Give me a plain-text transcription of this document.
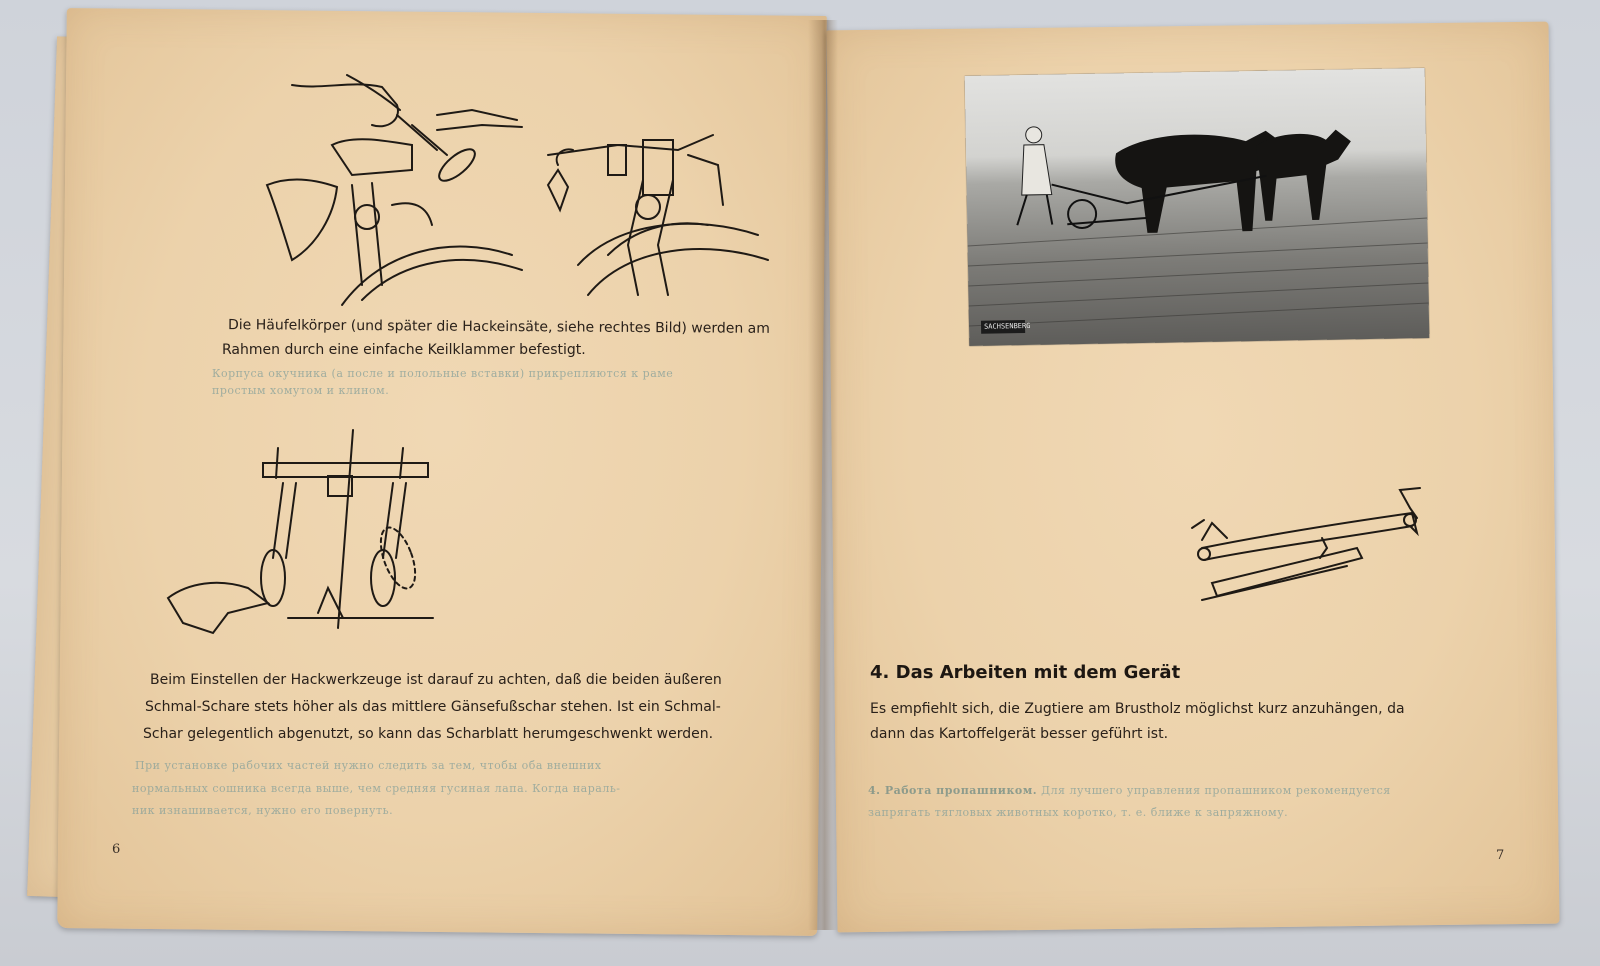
Die Häufelkörper (und später die Hackeinsäte, siehe rechtes Bild) werden am
Rahmen durch eine einfache Keilklammer befestigt.
Корпуса окучника (а после и полольные вставки) прикрепляются к раме
простым хомутом и клином.
Beim Einstellen der Hackwerkzeuge ist darauf zu achten, daß die beiden äußeren
Schmal-Schare stets höher als das mittlere Gänsefußschar stehen. Ist ein Schmal-
Schar gelegentlich abgenutzt, so kann das Scharblatt herumgeschwenkt werden.
При установке рабочих частей нужно следить за тем, чтобы оба внешних
нормальных сошника всегда выше, чем средняя гусиная лапа. Когда нараль-
ник изнашивается, нужно его повернуть.
6
SACHSENBERG
4. Das Arbeiten mit dem Gerät
Es empfiehlt sich, die Zugtiere am Brustholz möglichst kurz anzuhängen, da
dann das Kartoffelgerät besser geführt ist.
4. Работа пропашником. Для лучшего управления пропашником рекомендуется
запрягать тягловых животных коротко, т. е. ближе к запряжному.
7
